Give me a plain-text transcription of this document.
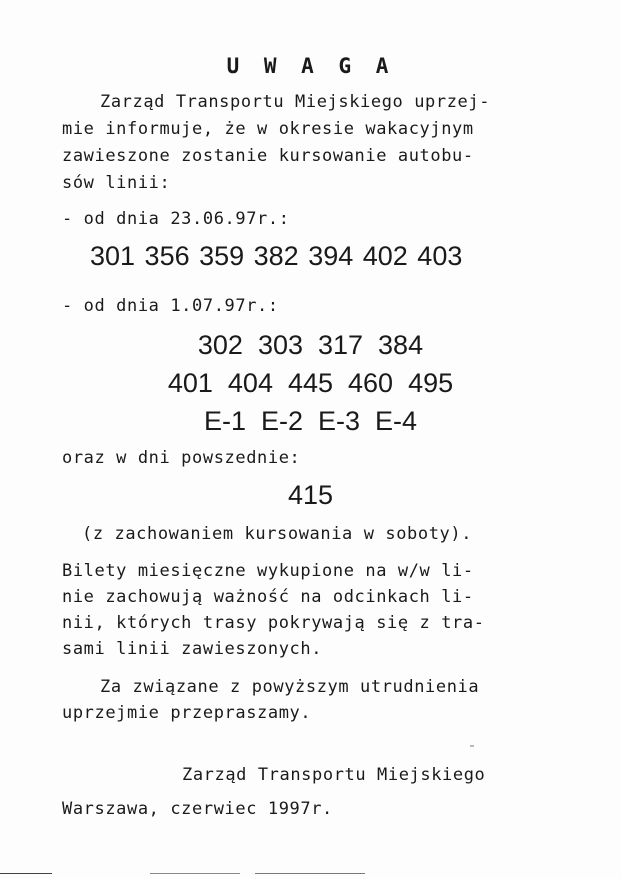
U W A G A
Zarząd Transportu Miejskiego uprzej-
mie informuje, że w okresie wakacyjnym
zawieszone zostanie kursowanie autobu-
sów linii:
- od dnia 23.06.97r.:
301 356 359 382 394 402 403
- od dnia 1.07.97r.:
302  303  317  384
401  404  445  460  495
E-1  E-2  E-3  E-4
oraz w dni powszednie:
415
(z zachowaniem kursowania w soboty).
Bilety miesięczne wykupione na w/w li-
nie zachowują ważność na odcinkach li-
nii, których trasy pokrywają się z tra-
sami linii zawieszonych.
Za związane z powyższym utrudnienia
uprzejmie przepraszamy.
Zarząd Transportu Miejskiego
Warszawa, czerwiec 1997r.
